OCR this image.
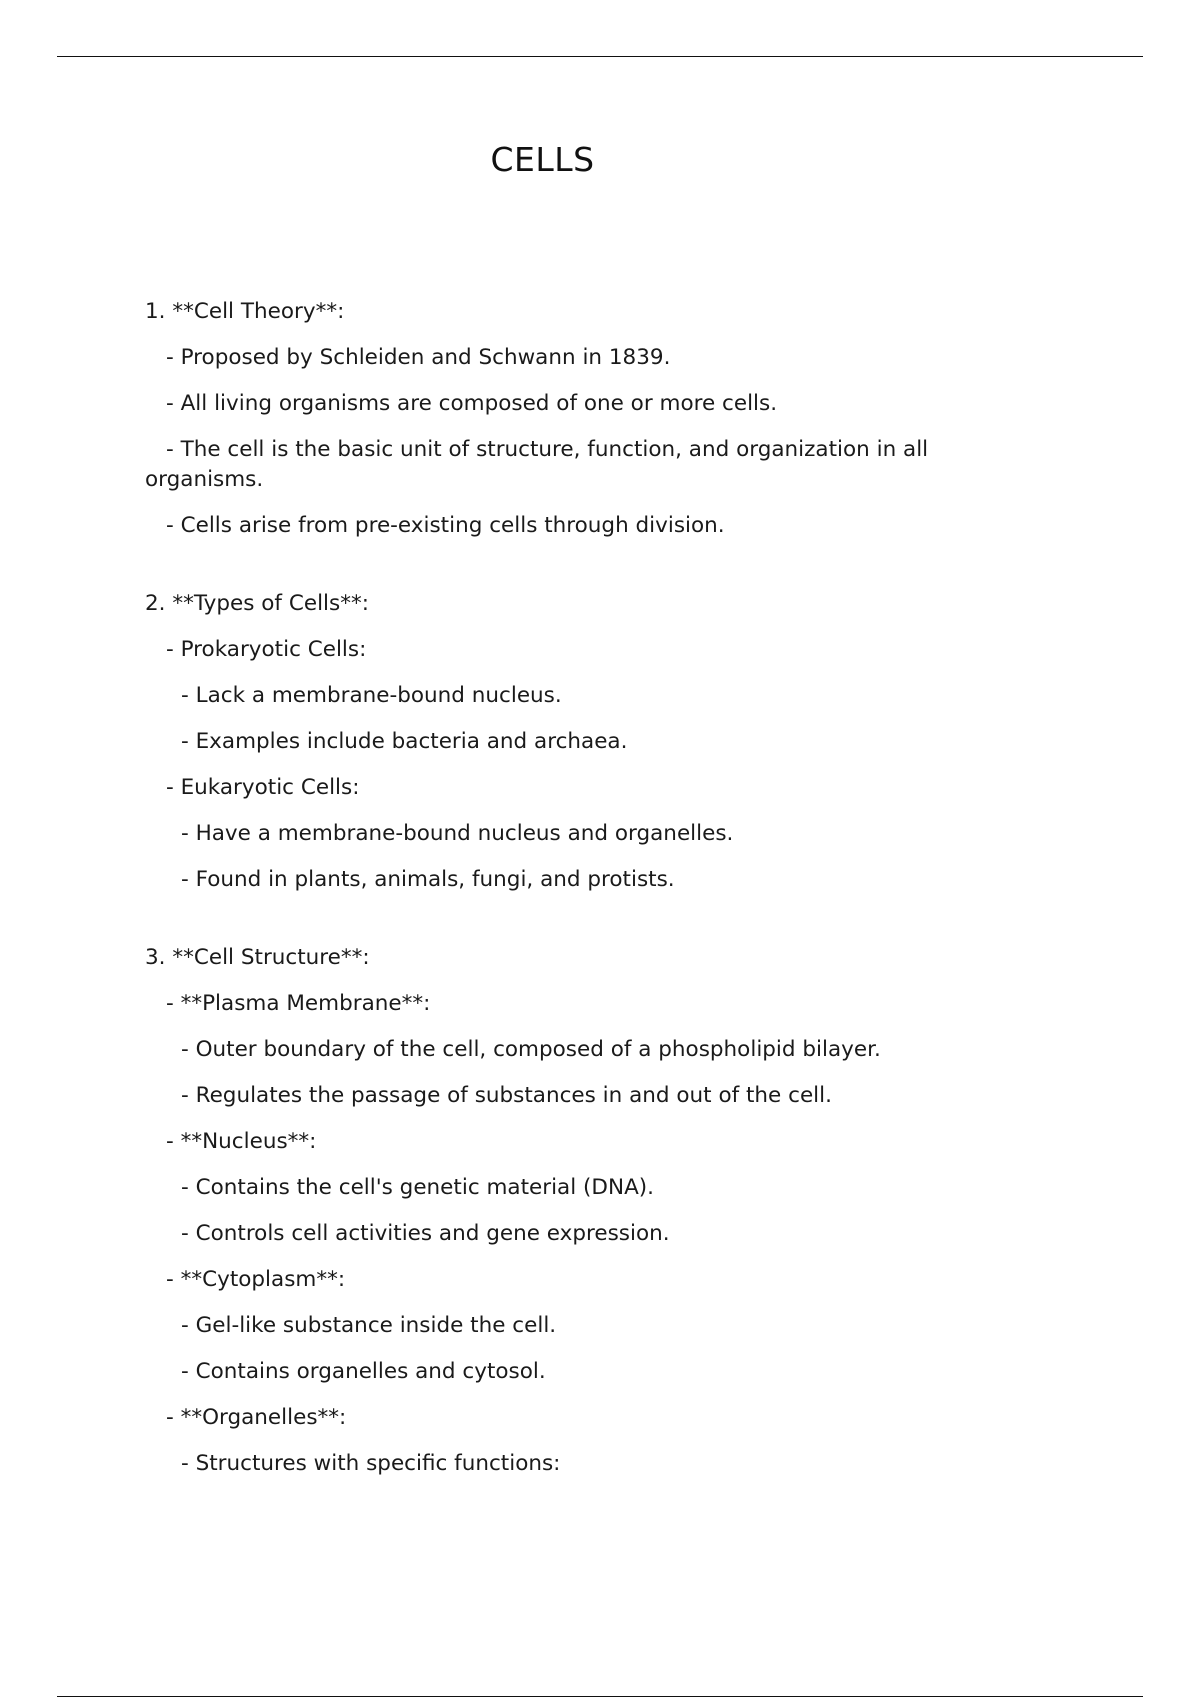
CELLS
1. **Cell Theory**:
- Proposed by Schleiden and Schwann in 1839.
- All living organisms are composed of one or more cells.
- The cell is the basic unit of structure, function, and organization in all organisms.
- Cells arise from pre-existing cells through division.
2. **Types of Cells**:
- Prokaryotic Cells:
- Lack a membrane-bound nucleus.
- Examples include bacteria and archaea.
- Eukaryotic Cells:
- Have a membrane-bound nucleus and organelles.
- Found in plants, animals, fungi, and protists.
3. **Cell Structure**:
- **Plasma Membrane**:
- Outer boundary of the cell, composed of a phospholipid bilayer.
- Regulates the passage of substances in and out of the cell.
- **Nucleus**:
- Contains the cell's genetic material (DNA).
- Controls cell activities and gene expression.
- **Cytoplasm**:
- Gel-like substance inside the cell.
- Contains organelles and cytosol.
- **Organelles**:
- Structures with specific functions:
